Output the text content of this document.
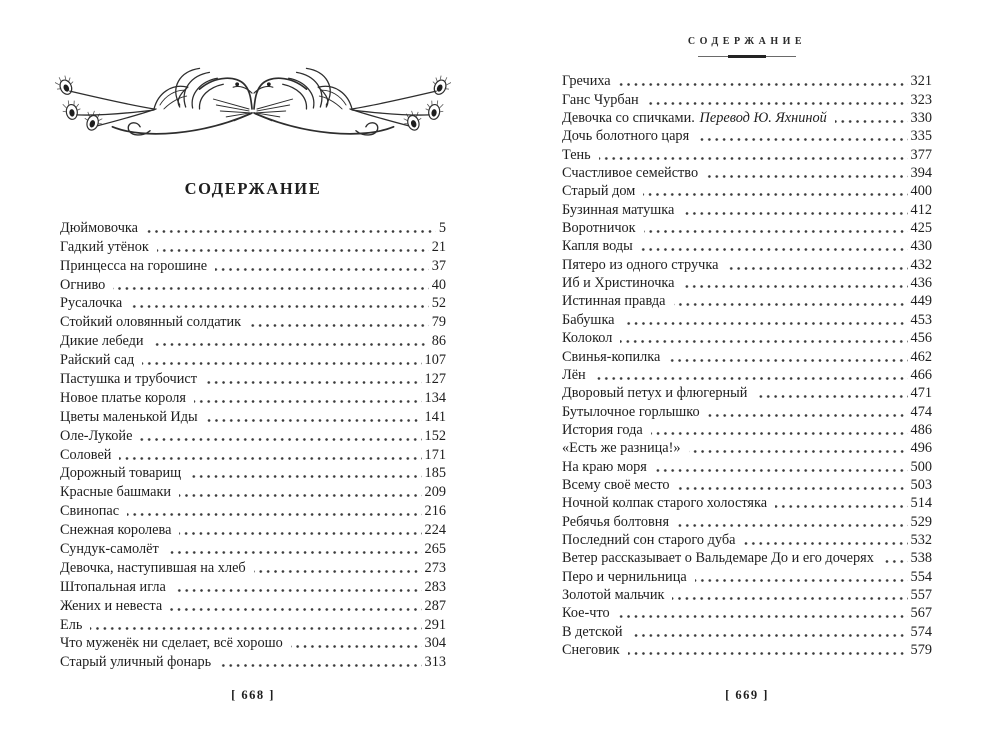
СОДЕРЖАНИЕ
Дюймовочка	5
Гадкий утёнок	21
Принцесса на горошине	37
Огниво	40
Русалочка	52
Стойкий оловянный солдатик	79
Дикие лебеди	86
Райский сад	107
Пастушка и трубочист	127
Новое платье короля	134
Цветы маленькой Иды	141
Оле-Лукойе	152
Соловей	171
Дорожный товарищ	185
Красные башмаки	209
Свинопас	216
Снежная королева	224
Сундук-самолёт	265
Девочка, наступившая на хлеб	273
Штопальная игла	283
Жених и невеста	287
Ель	291
Что муженёк ни сделает, всё хорошо	304
Старый уличный фонарь	313
[ 668 ]
СОДЕРЖАНИЕ
Гречиха	321
Ганс Чурбан	323
Девочка со спичками. Перевод Ю. Яхниной	330
Дочь болотного царя	335
Тень	377
Счастливое семейство	394
Старый дом	400
Бузинная матушка	412
Воротничок	425
Капля воды	430
Пятеро из одного стручка	432
Иб и Христиночка	436
Истинная правда	449
Бабушка	453
Колокол	456
Свинья-копилка	462
Лён	466
Дворовый петух и флюгерный	471
Бутылочное горлышко	474
История года	486
«Есть же разница!»	496
На краю моря	500
Всему своё место	503
Ночной колпак старого холостяка	514
Ребячья болтовня	529
Последний сон старого дуба	532
Ветер рассказывает о Вальдемаре До и его дочерях	538
Перо и чернильница	554
Золотой мальчик	557
Кое-что	567
В детской	574
Снеговик	579
[ 669 ]
